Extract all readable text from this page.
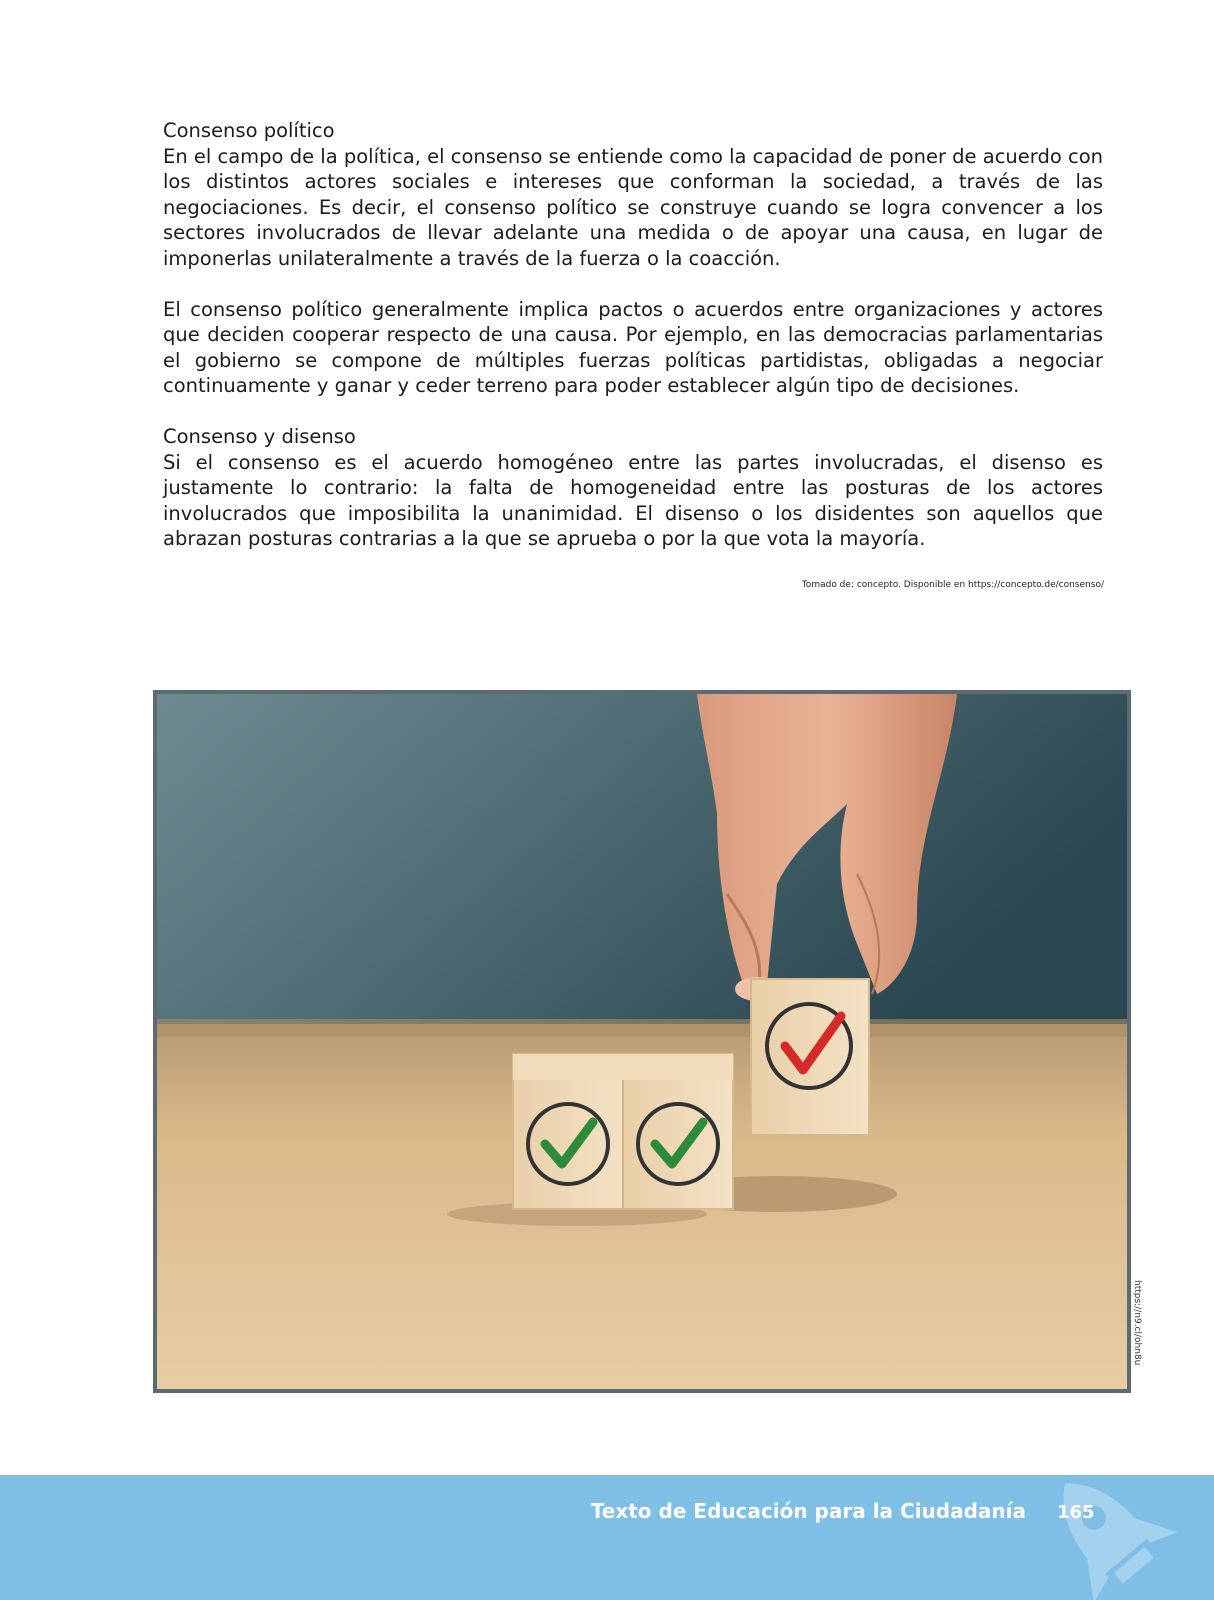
Consenso político

En el campo de la política, el consenso se entiende como la capacidad de poner de acuerdo con los distintos actores sociales e intereses que conforman la sociedad, a través de las negociaciones. Es decir, el consenso político se construye cuando se logra convencer a los sectores involucrados de llevar adelante una medida o de apoyar una causa, en lugar de imponerlas unilateralmente a través de la fuerza o la coacción.

El consenso político generalmente implica pactos o acuerdos entre organizaciones y actores que deciden cooperar respecto de una causa. Por ejemplo, en las democracias parlamentarias el gobierno se compone de múltiples fuerzas políticas partidistas, obligadas a negociar continuamente y ganar y ceder terreno para poder establecer algún tipo de decisiones.

Consenso y disenso

Si el consenso es el acuerdo homogéneo entre las partes involucradas, el disenso es justamente lo contrario: la falta de homogeneidad entre las posturas de los actores involucrados que imposibilita la unanimidad. El disenso o los disidentes son aquellos que abrazan posturas contrarias a la que se aprueba o por la que vota la mayoría.

Tomado de: concepto. Disponible en https://concepto.de/consenso/
https://n9.cl/ohn8u
Texto de Educación para la Ciudadanía 165
